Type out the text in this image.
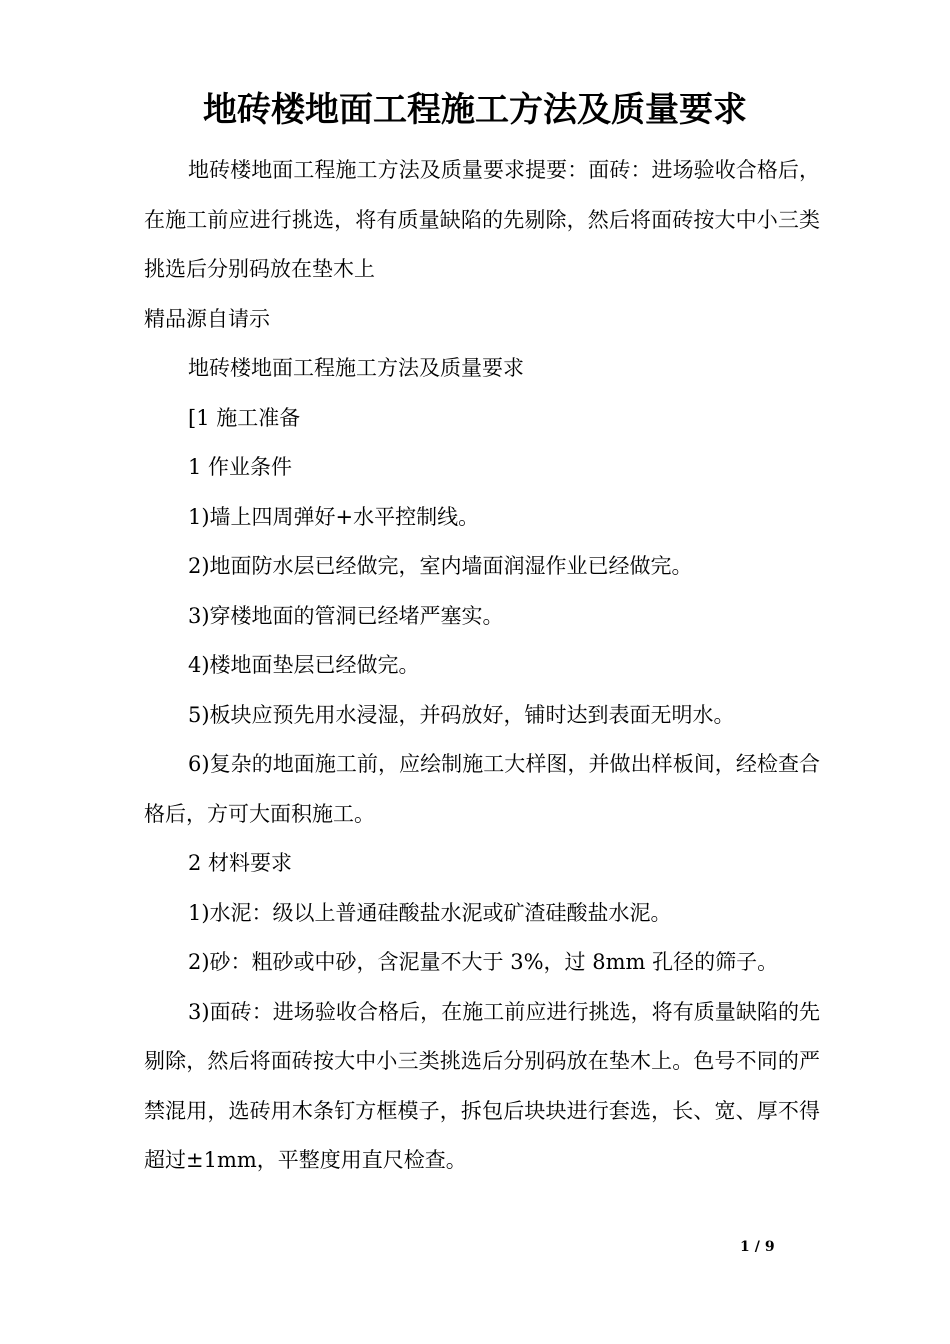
地砖楼地面工程施工方法及质量要求

地砖楼地面工程施工方法及质量要求提要：面砖：进场验收合格后，在施工前应进行挑选，将有质量缺陷的先剔除，然后将面砖按大中小三类挑选后分别码放在垫木上

精品源自请示

地砖楼地面工程施工方法及质量要求

[1 施工准备

1 作业条件

1)墙上四周弹好+水平控制线。

2)地面防水层已经做完，室内墙面润湿作业已经做完。

3)穿楼地面的管洞已经堵严塞实。

4)楼地面垫层已经做完。

5)板块应预先用水浸湿，并码放好，铺时达到表面无明水。

6)复杂的地面施工前，应绘制施工大样图，并做出样板间，经检查合格后，方可大面积施工。

2 材料要求

1)水泥：级以上普通硅酸盐水泥或矿渣硅酸盐水泥。

2)砂：粗砂或中砂，含泥量不大于 3%，过 8mm 孔径的筛子。

3)面砖：进场验收合格后，在施工前应进行挑选，将有质量缺陷的先剔除，然后将面砖按大中小三类挑选后分别码放在垫木上。色号不同的严禁混用，选砖用木条钉方框模子，拆包后块块进行套选，长、宽、厚不得超过±1mm，平整度用直尺检查。

1 / 9
